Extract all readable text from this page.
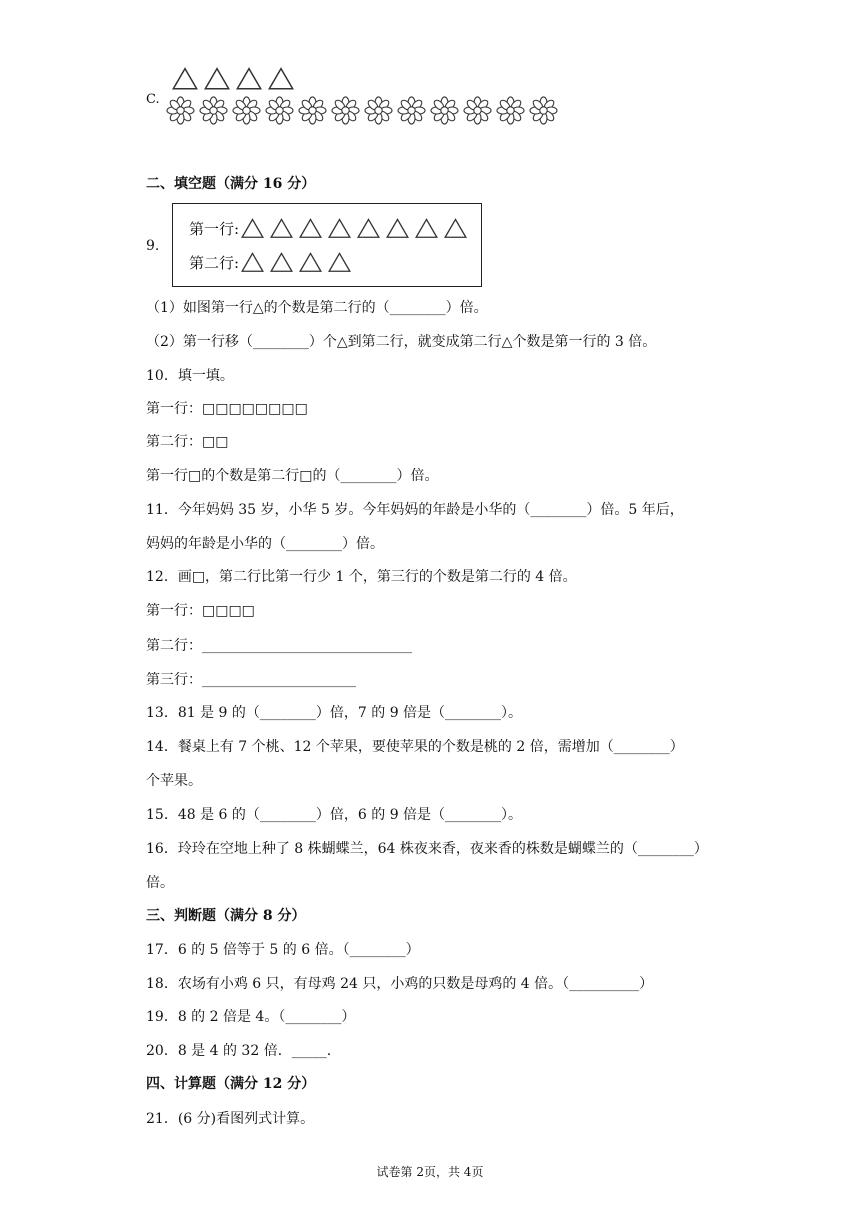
C.
二、填空题（满分 16 分）
9.
第一行:
第二行:
（1）如图第一行△的个数是第二行的（________）倍。
（2）第一行移（________）个△到第二行，就变成第二行△个数是第一行的 3 倍。
10．填一填。
第一行：□□□□□□□□
第二行：□□
第一行□的个数是第二行□的（________）倍。
11．今年妈妈 35 岁，小华 5 岁。今年妈妈的年龄是小华的（________）倍。5 年后，
妈妈的年龄是小华的（________）倍。
12．画□，第二行比第一行少 1 个，第三行的个数是第二行的 4 倍。
第一行：□□□□
第二行：______________________________
第三行：______________________
13．81 是 9 的（________）倍，7 的 9 倍是（________）。
14．餐桌上有 7 个桃、12 个苹果，要使苹果的个数是桃的 2 倍，需增加（________）
个苹果。
15．48 是 6 的（________）倍，6 的 9 倍是（________）。
16．玲玲在空地上种了 8 株蝴蝶兰，64 株夜来香，夜来香的株数是蝴蝶兰的（________）
倍。
三、判断题（满分 8 分）
17．6 的 5 倍等于 5 的 6 倍。（________）
18．农场有小鸡 6 只，有母鸡 24 只，小鸡的只数是母鸡的 4 倍。（__________）
19．8 的 2 倍是 4。（________）
20．8 是 4 的 32 倍．_____.
四、计算题（满分 12 分）
21．(6 分)看图列式计算。
试卷第 2页，共 4页
